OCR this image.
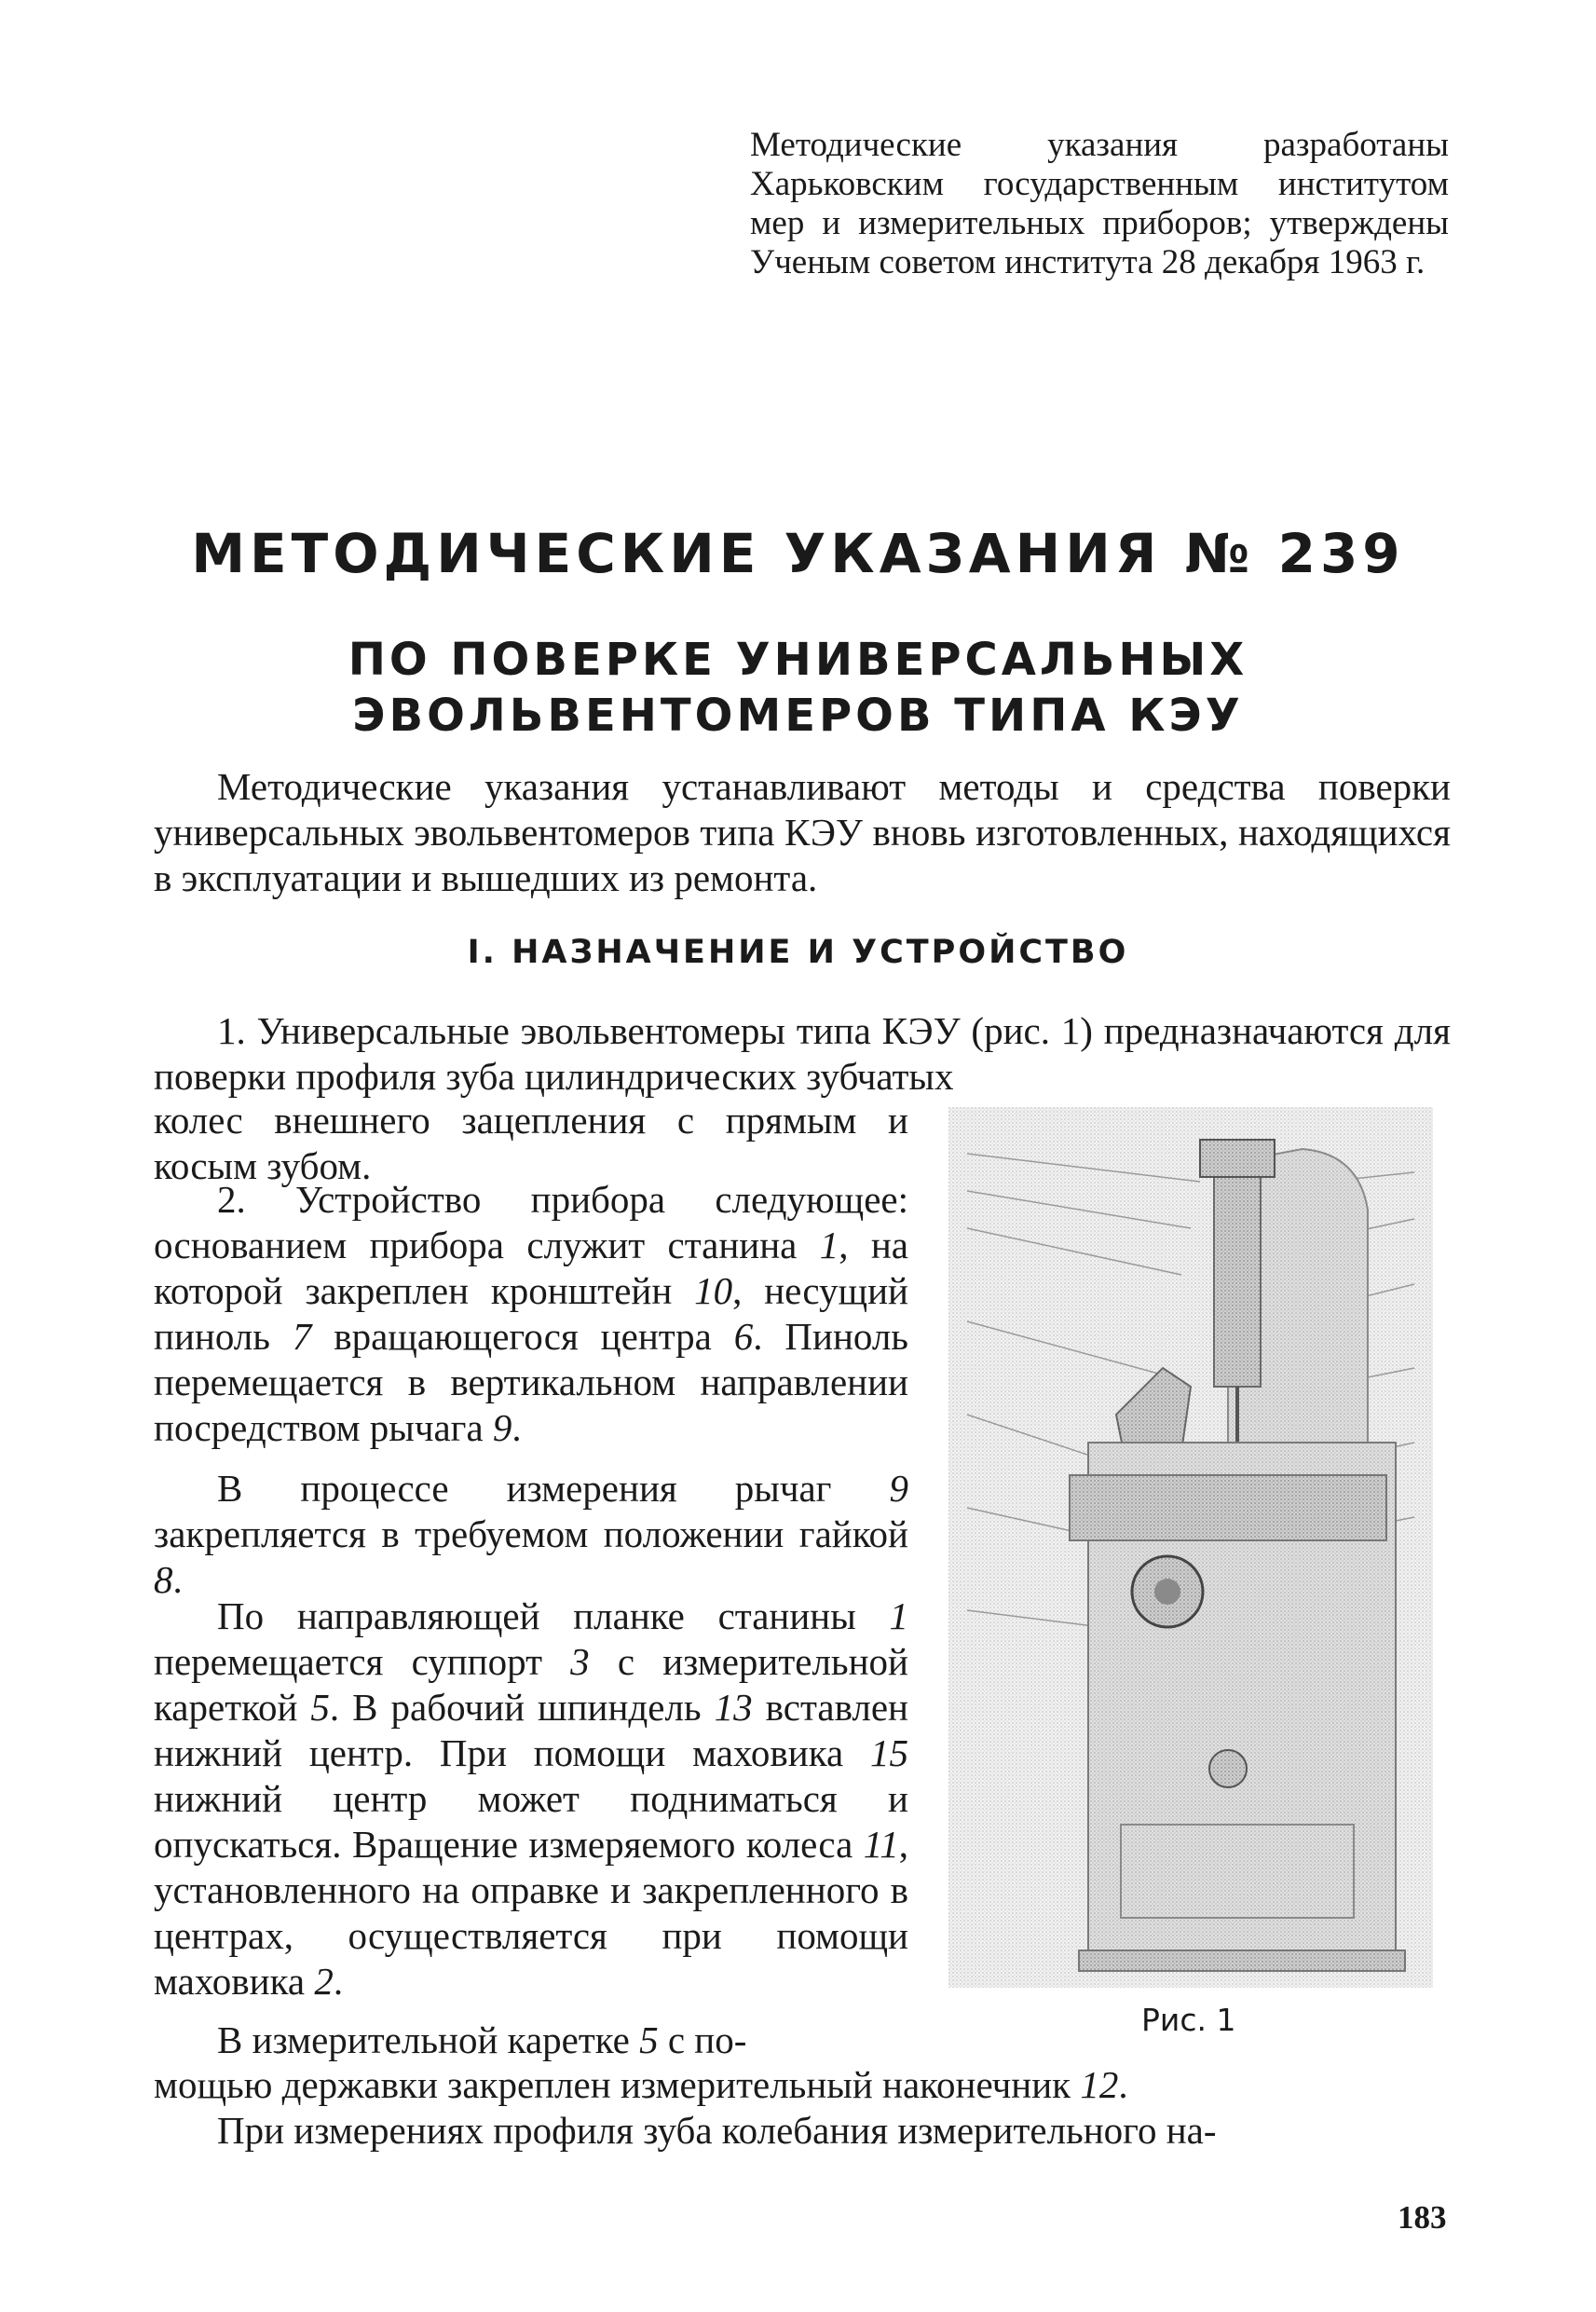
Методические указания разработаны Харьковским государственным институтом мер и измерительных приборов; утверждены Ученым советом института 28 декабря 1963 г.
МЕТОДИЧЕСКИЕ УКАЗАНИЯ № 239
ПО ПОВЕРКЕ УНИВЕРСАЛЬНЫХ
ЭВОЛЬВЕНТОМЕРОВ ТИПА КЭУ
Методические указания устанавливают методы и средства поверки универсальных эвольвентомеров типа КЭУ вновь изготовленных, находящихся в эксплуатации и вышедших из ремонта.
I. НАЗНАЧЕНИЕ И УСТРОЙСТВО
1. Универсальные эвольвентомеры типа КЭУ (рис. 1) предназначаются для поверки профиля зуба цилиндрических зубчатых
колес внешнего зацепления с прямым и косым зубом.
2. Устройство прибора следующее: основанием прибора служит станина 1, на которой закреплен кронштейн 10, несущий пиноль 7 вращающегося центра 6. Пиноль перемещается в вертикальном направлении посредством рычага 9.
В процессе измерения рычаг 9 закрепляется в требуемом положении гайкой 8.
По направляющей планке станины 1 перемещается суппорт 3 с измерительной кареткой 5. В рабочий шпиндель 13 вставлен нижний центр. При помощи маховика 15 нижний центр может подниматься и опускаться. Вращение измеряемого колеса 11, установленного на оправке и закрепленного в центрах, осуществляется при помощи маховика 2.
В измерительной каретке 5 с по-
мощью державки закреплен измерительный наконечник 12.
При измерениях профиля зуба колебания измерительного на-
Рис. 1
183
